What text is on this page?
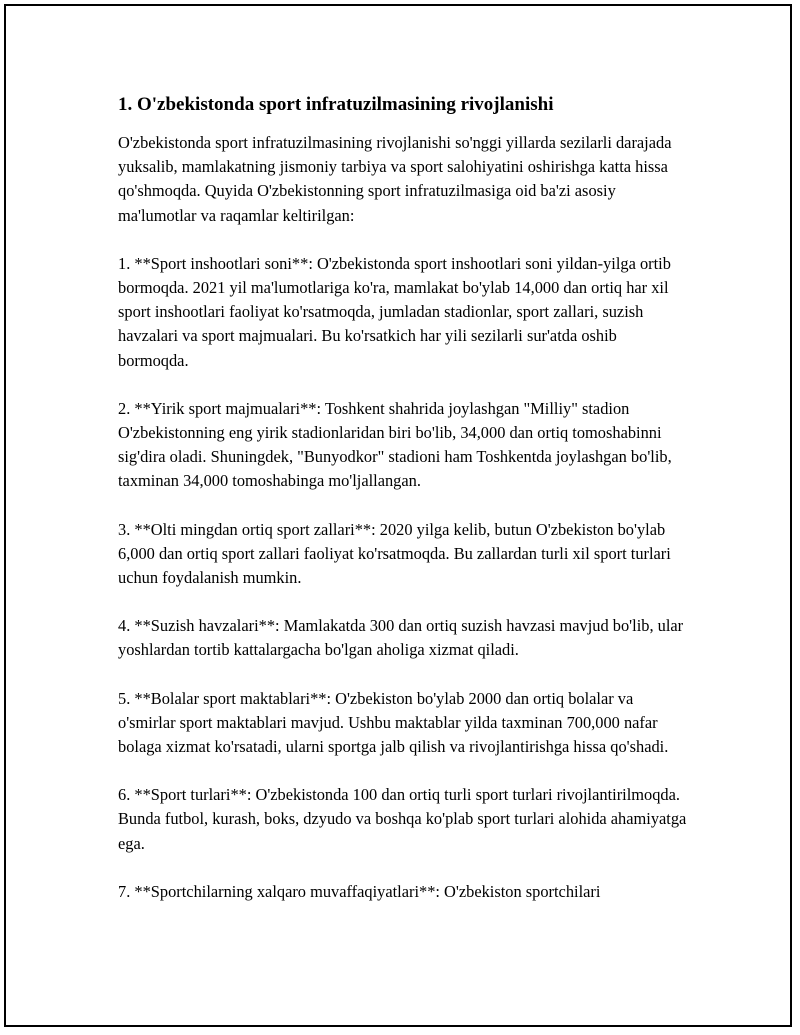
1. O'zbekistonda sport infratuzilmasining rivojlanishi

O'zbekistonda sport infratuzilmasining rivojlanishi so'nggi yillarda sezilarli darajada yuksalib, mamlakatning jismoniy tarbiya va sport salohiyatini oshirishga katta hissa qo'shmoqda. Quyida O'zbekistonning sport infratuzilmasiga oid ba'zi asosiy ma'lumotlar va raqamlar keltirilgan:

1. **Sport inshootlari soni**: O'zbekistonda sport inshootlari soni yildan-yilga ortib bormoqda. 2021 yil ma'lumotlariga ko'ra, mamlakat bo'ylab 14,000 dan ortiq har xil sport inshootlari faoliyat ko'rsatmoqda, jumladan stadionlar, sport zallari, suzish havzalari va sport majmualari. Bu ko'rsatkich har yili sezilarli sur'atda oshib bormoqda.

2. **Yirik sport majmualari**: Toshkent shahrida joylashgan "Milliy" stadion O'zbekistonning eng yirik stadionlaridan biri bo'lib, 34,000 dan ortiq tomoshabinni sig'dira oladi. Shuningdek, "Bunyodkor" stadioni ham Toshkentda joylashgan bo'lib, taxminan 34,000 tomoshabinga mo'ljallangan.

3. **Olti mingdan ortiq sport zallari**: 2020 yilga kelib, butun O'zbekiston bo'ylab 6,000 dan ortiq sport zallari faoliyat ko'rsatmoqda. Bu zallardan turli xil sport turlari uchun foydalanish mumkin.

4. **Suzish havzalari**: Mamlakatda 300 dan ortiq suzish havzasi mavjud bo'lib, ular yoshlardan tortib kattalargacha bo'lgan aholiga xizmat qiladi.

5. **Bolalar sport maktablari**: O'zbekiston bo'ylab 2000 dan ortiq bolalar va o'smirlar sport maktablari mavjud. Ushbu maktablar yilda taxminan 700,000 nafar bolaga xizmat ko'rsatadi, ularni sportga jalb qilish va rivojlantirishga hissa qo'shadi.

6. **Sport turlari**: O'zbekistonda 100 dan ortiq turli sport turlari rivojlantirilmoqda. Bunda futbol, kurash, boks, dzyudo va boshqa ko'plab sport turlari alohida ahamiyatga ega.

7. **Sportchilarning xalqaro muvaffaqiyatlari**: O'zbekiston sportchilari
